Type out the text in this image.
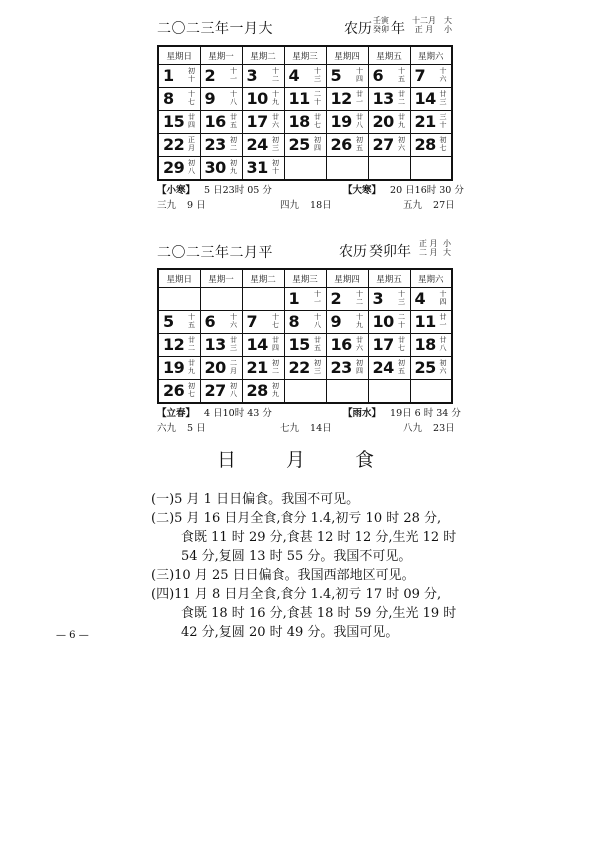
二〇二三年一月大	农历
壬寅
癸卯 年
十二月
正 月
大
小
星期日	星期一	星期二	星期三	星期四	星期五	星期六

1 初十	2 十一	3 十二	4 十三	5 十四	6 十五	7 十六

8 十七	9 十八	10 十九	11 二十	12 廿一	13 廿二	14 廿三

15 廿四	16 廿五	17 廿六	18 廿七	19 廿八	20 廿九	21 三十

22 正月	23 初二	24 初三	25 初四	26 初五	27 初六	28 初七

29 初八	30 初九	31 初十				

【小寒】 5 日23时 05 分	【大寒】 20 日16时 30 分
三九 9 日	四九 18日	五九 27日
二〇二三年二月平	农历 癸卯 年
正 月
二 月
小
大
星期日	星期一	星期二	星期三	星期四	星期五	星期六

			1 十一	2 十二	3 十三	4 十四

5 十五	6 十六	7 十七	8 十八	9 十九	10 二十	11 廿一

12 廿二	13 廿三	14 廿四	15 廿五	16 廿六	17 廿七	18 廿八

19 廿九	20 二月	21 初二	22 初三	23 初四	24 初五	25 初六

26 初七	27 初八	28 初九				

【立春】 4 日10时 43 分	【雨水】 19日 6 时 34 分
六九 5 日	七九 14日	八九 23日
日 月 食
(一)5 月 1 日日偏食。我国不可见。
(二)5 月 16 日月全食,食分 1.4,初亏 10 时 28 分,
食既 11 时 29 分,食甚 12 时 12 分,生光 12 时
54 分,复圆 13 时 55 分。我国不可见。
(三)10 月 25 日日偏食。我国西部地区可见。
(四)11 月 8 日月全食,食分 1.4,初亏 17 时 09 分,
食既 18 时 16 分,食甚 18 时 59 分,生光 19 时
42 分,复圆 20 时 49 分。我国可见。
— 6 —
